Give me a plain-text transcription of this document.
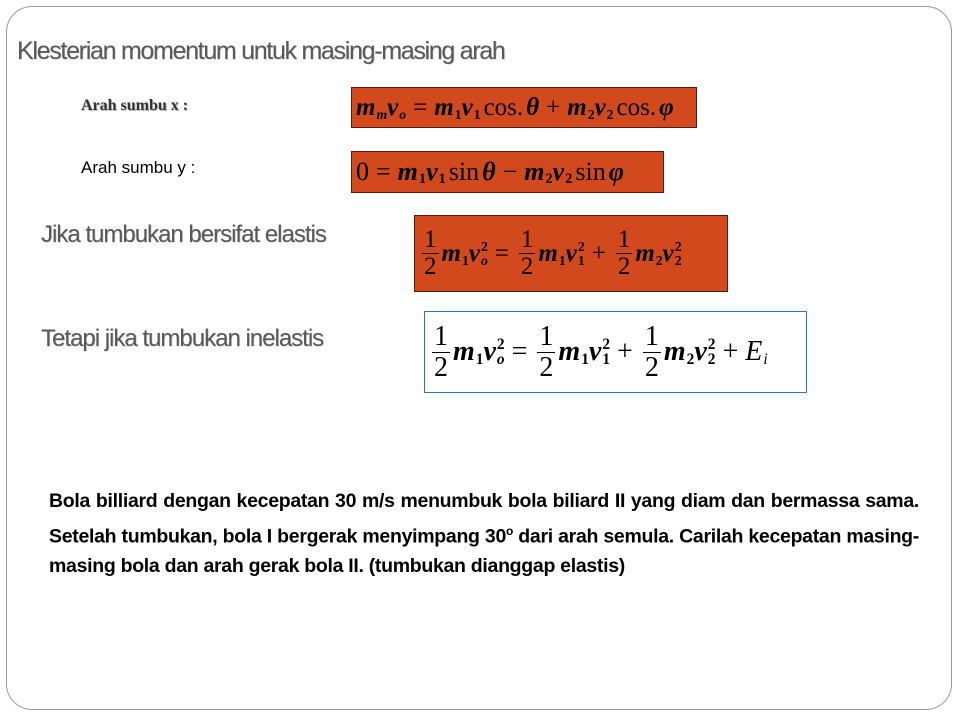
Klesterian momentum untuk masing-masing arah
Arah sumbu x :
Arah sumbu y :
m
m v
o = m
1 v
1 cos. θ + m
2 v
2 cos. φ
0 = m
1 v
1 sin θ − m
2 v
2 sin φ
Jika tumbukan bersifat elastis	$\frac{1}{2}$ m
1 v 2
$o = \frac{1}{2}$ m
1 v 2
$1 + \frac{1}{2}$ m
2 v 2
2
Tetapi jika tumbukan inelastis	$\frac{1}{2}$ m
1 v 2
$o = \frac{1}{2}$ m
1 v 2
$1 + \frac{1}{2}$ m
2 v 2
2 + E
i
Bola billiard dengan kecepatan 30 m/s menumbuk bola biliard II yang diam dan bermassa sama. Setelah tumbukan, bola I bergerak menyimpang 30$^o$ dari arah semula. Carilah kecepatan masing-masing bola dan arah gerak bola II. (tumbukan dianggap elastis)
